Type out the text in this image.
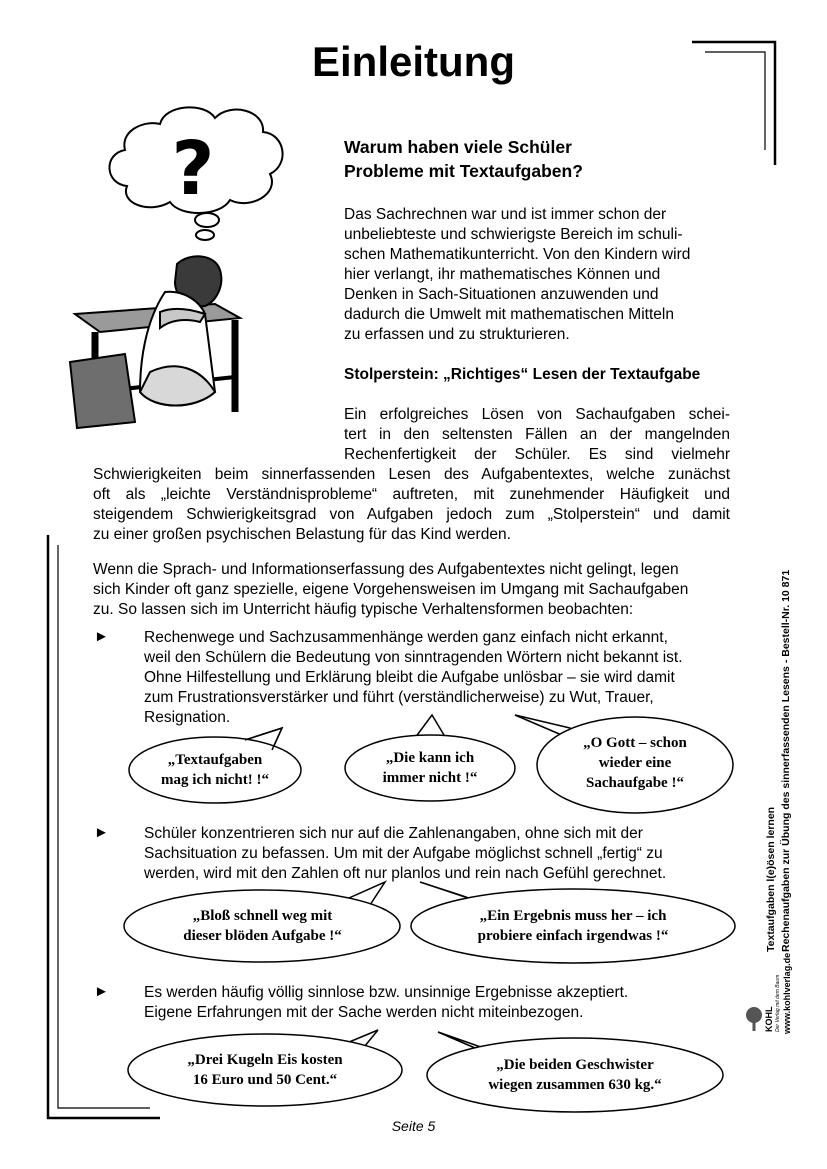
Einleitung
?	Warum haben viele Schüler
Probleme mit Textaufgaben?

Das Sachrechnen war und ist immer schon der

unbeliebteste und schwierigste Bereich im schuli-

schen Mathematikunterricht. Von den Kindern wird

hier verlangt, ihr mathematisches Können und

Denken in Sach-Situationen anzuwenden und

dadurch die Umwelt mit mathematischen Mitteln

zu erfassen und zu strukturieren.

Stolperstein: „Richtiges“ Lesen der Textaufgabe

Ein erfolgreiches Lösen von Sachaufgaben schei-

tert in den seltensten Fällen an der mangelnden

Rechenfertigkeit der Schüler. Es sind vielmehr

Schwierigkeiten beim sinnerfassenden Lesen des Aufgabentextes, welche zunächst

oft als „leichte Verständnisprobleme“ auftreten, mit zunehmender Häufigkeit und

steigendem Schwierigkeitsgrad von Aufgaben jedoch zum „Stolperstein“ und damit

zu einer großen psychischen Belastung für das Kind werden.

Wenn die Sprach- und Informationserfassung des Aufgabentextes nicht gelingt, legen

sich Kinder oft ganz spezielle, eigene Vorgehensweisen im Umgang mit Sachaufgaben

zu. So lassen sich im Unterricht häufig typische Verhaltensformen beobachten:

► Rechenwege und Sachzusammenhänge werden ganz einfach nicht erkannt,

weil den Schülern die Bedeutung von sinntragenden Wörtern nicht bekannt ist.

Ohne Hilfestellung und Erklärung bleibt die Aufgabe unlösbar – sie wird damit

zum Frustrationsverstärker und führt (verständlicherweise) zu Wut, Trauer,

Resignation.

„Textaufgaben
mag ich nicht! !“
„Die kann ich
immer nicht !“
„O Gott – schon
wieder eine
Sachaufgabe !“
► Schüler konzentrieren sich nur auf die Zahlenangaben, ohne sich mit der

Sachsituation zu befassen. Um mit der Aufgabe möglichst schnell „fertig“ zu

werden, wird mit den Zahlen oft nur planlos und rein nach Gefühl gerechnet.

„Bloß schnell weg mit
dieser blöden Aufgabe !“
„Ein Ergebnis muss her – ich
probiere einfach irgendwas !“
► Es werden häufig völlig sinnlose bzw. unsinnige Ergebnisse akzeptiert.

Eigene Erfahrungen mit der Sache werden nicht miteinbezogen.

„Drei Kugeln Eis kosten
16 Euro und 50 Cent.“
„Die beiden Geschwister
wiegen zusammen 630 kg.“
Seite 5
Textaufgaben l(e)ösen lernen Rechenaufgaben zur Übung des sinnerfassenden Lesens - Bestell-Nr. 10 871
KOHL Der Verlag mit dem Baum www.kohlverlag.de
